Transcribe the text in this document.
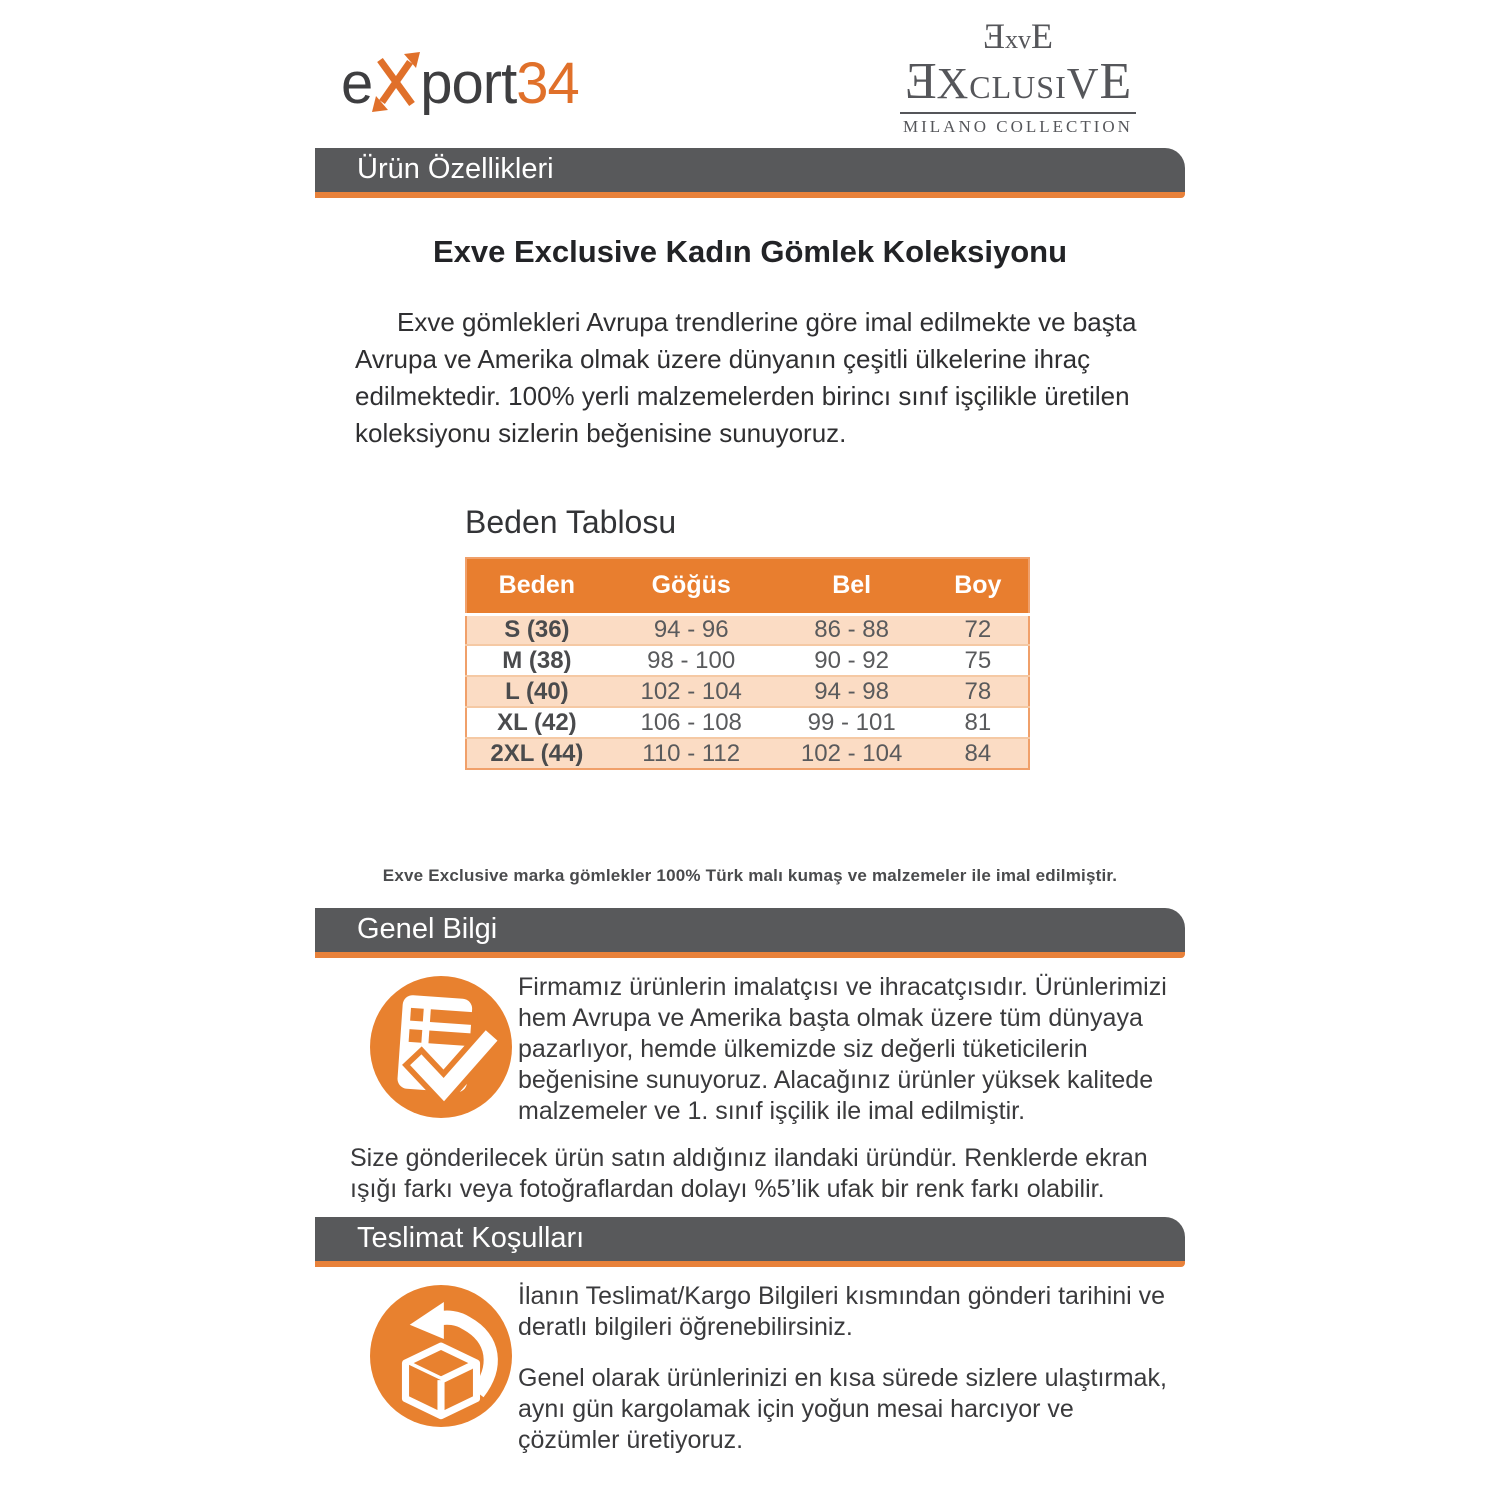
e port 34
ExvE
EXCLUSIVE
MILANO COLLECTION
Ürün Özellikleri
Exve Exclusive Kadın Gömlek Koleksiyonu

Exve gömlekleri Avrupa trendlerine göre imal edilmekte ve başta Avrupa ve Amerika olmak üzere dünyanın çeşitli ülkelerine ihraç edilmektedir. 100% yerli malzemelerden birincı sınıf işçilikle üretilen koleksiyonu sizlerin beğenisine sunuyoruz.

Beden Tablosu
Beden	Göğüs	Bel	Boy
S (36)	94 - 96	86 - 88	72
M (38)	98 - 100	90 - 92	75
L (40)	102 - 104	94 - 98	78
XL (42)	106 - 108	99 - 101	81
2XL (44)	110 - 112	102 - 104	84
Exve Exclusive marka gömlekler 100% Türk malı kumaş ve malzemeler ile imal edilmiştir.
Genel Bilgi
Firmamız ürünlerin imalatçısı ve ihracatçısıdır. Ürünlerimizi hem Avrupa ve Amerika başta olmak üzere tüm dünyaya pazarlıyor, hemde ülkemizde siz değerli tüketicilerin beğenisine sunuyoruz. Alacağınız ürünler yüksek kalitede malzemeler ve 1. sınıf işçilik ile imal edilmiştir.
Size gönderilecek ürün satın aldığınız ilandaki üründür. Renklerde ekran ışığı farkı veya fotoğraflardan dolayı %5’lik ufak bir renk farkı olabilir.
Teslimat Koşulları
İlanın Teslimat/Kargo Bilgileri kısmından gönderi tarihini ve deratlı bilgileri öğrenebilirsiniz.
Genel olarak ürünlerinizi en kısa sürede sizlere ulaştırmak, aynı gün kargolamak için yoğun mesai harcıyor ve çözümler üretiyoruz.
